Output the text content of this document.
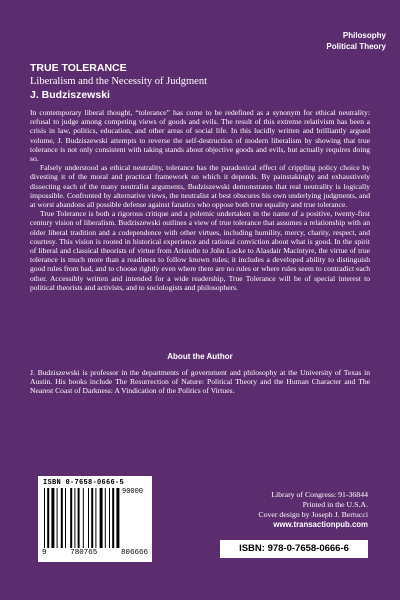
Philosophy
Political Theory
TRUE TOLERANCE
Liberalism and the Necessity of Judgment
J. Budziszewski

In contemporary liberal thought, “tolerance” has come to be redefined as a synonym for ethical neutrality: refusal to judge among competing views of goods and evils. The result of this extreme relativism has been a crisis in law, politics, education, and other areas of social life. In this lucidly written and brilliantly argued volume, J. Budziszewski attempts to reverse the self-destruction of modern liberalism by showing that true tolerance is not only consistent with taking stands about objective goods and evils, but actually requires doing so.

Falsely understood as ethical neutrality, tolerance has the paradoxical effect of crippling policy choice by divesting it of the moral and practical framework on which it depends. By painstakingly and exhaustively dissecting each of the many neutralist arguments, Budziszewski demonstrates that real neutrality is logically impossible. Confronted by alternative views, the neutralist at best obscures his own underlying judgments, and at worst abandons all possible defense against fanatics who oppose both true equality and true tolerance.

True Tolerance is both a rigorous critique and a polemic undertaken in the name of a positive, twenty-first century vision of liberalism. Budziszewski outlines a view of true tolerance that assumes a relationship with an older liberal tradition and a codependence with other virtues, including humility, mercy, charity, respect, and courtesy. This vision is rooted in historical experience and rational conviction about what is good. In the spirit of liberal and classical theorists of virtue from Aristotle to John Locke to Alasdair Macintyre, the virtue of true tolerance is much more than a readiness to follow known rules; it includes a developed ability to distinguish good rules from bad, and to choose rightly even where there are no rules or where rules seem to contradict each other. Accessibly written and intended for a wide readership, True Tolerance will be of special interest to political theorists and activists, and to sociologists and philosophers.

About the Author

J. Budziszewski is professor in the departments of government and philosophy at the University of Texas in Austin. His books include The Resurrection of Nature: Political Theory and the Human Character and The Nearest Coast of Darkness: A Vindication of the Politics of Virtues.

ISBN 0-7658-0666-5
90000
9	780765	806666
Library of Congress: 91-36844
Printed in the U.S.A.
Cover design by Joseph J. Bertucci
www.transactionpub.com
ISBN: 978-0-7658-0666-6
